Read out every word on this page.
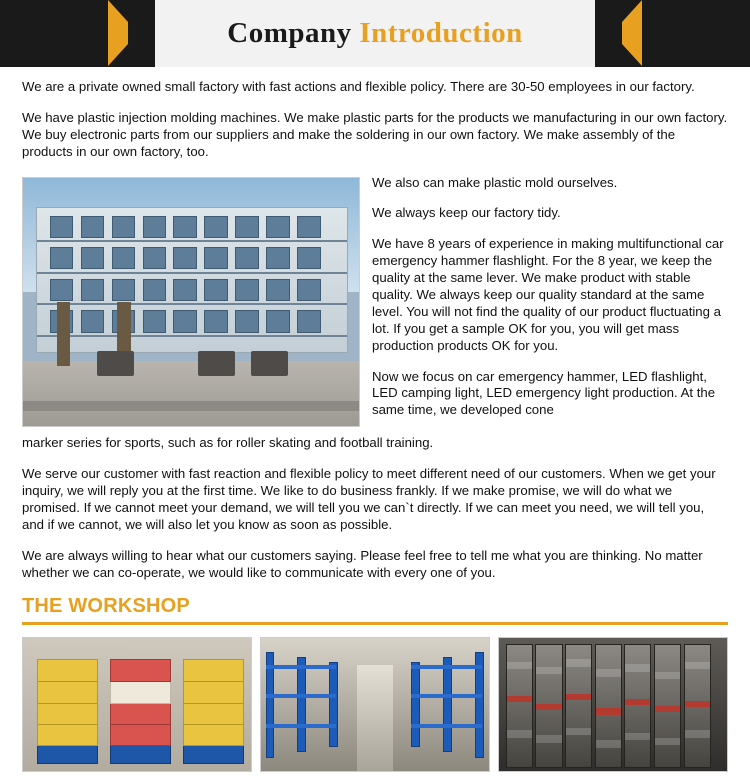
Company Introduction

We are a private owned small factory with fast actions and flexible policy. There are 30-50 employees in our factory.

We have plastic injection molding machines. We make plastic parts for the products we manufacturing in our own factory. We buy electronic parts from our suppliers and make the soldering in our own factory. We make assembly of the products in our own factory, too.

We also can make plastic mold ourselves.

We always keep our factory tidy.

We have 8 years of experience in making multifunctional car emergency hammer flashlight. For the 8 year, we keep the quality at the same lever. We make product with stable quality. We always keep our quality standard at the same level. You will not find the quality of our product fluctuating a lot. If you get a sample OK for you, you will get mass production products OK for you.

Now we focus on car emergency hammer, LED flashlight, LED camping light, LED emergency light production. At the same time, we developed cone

marker series for sports, such as for roller skating and football training.

We serve our customer with fast reaction and flexible policy to meet different need of our customers. When we get your inquiry, we will reply you at the first time. We like to do business frankly. If we make promise, we will do what we promised. If we cannot meet your demand, we will tell you we can`t directly. If we can meet you need, we will tell you, and if we cannot, we will also let you know as soon as possible.

We are always willing to hear what our customers saying. Please feel free to tell me what you are thinking. No matter whether we can co-operate, we would like to communicate with every one of you.

THE WORKSHOP
